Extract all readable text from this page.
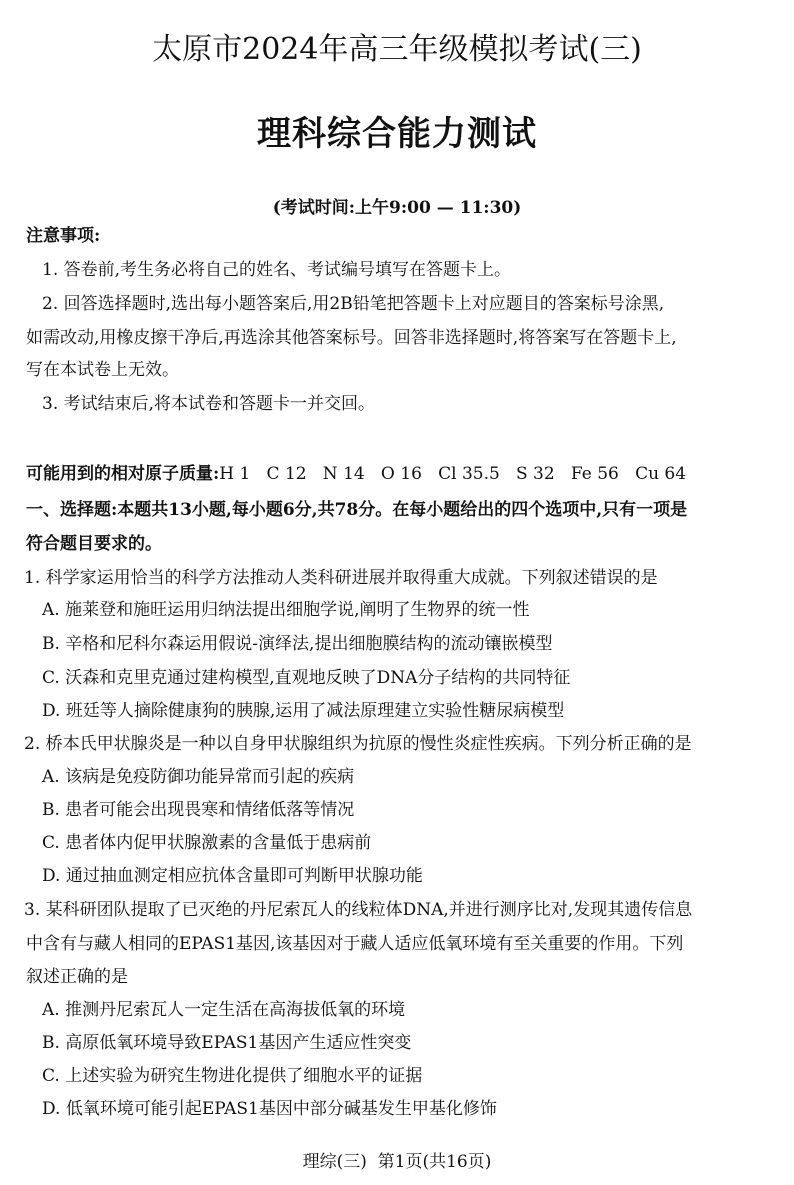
太原市2024年高三年级模拟考试(三)
理科综合能力测试
(考试时间:上午9:00 — 11:30)
注意事项:
1. 答卷前,考生务必将自己的姓名、考试编号填写在答题卡上。
2. 回答选择题时,选出每小题答案后,用2B铅笔把答题卡上对应题目的答案标号涂黑,
如需改动,用橡皮擦干净后,再选涂其他答案标号。回答非选择题时,将答案写在答题卡上,
写在本试卷上无效。
3. 考试结束后,将本试卷和答题卡一并交回。
可能用到的相对原子质量:H 1   C 12   N 14   O 16   Cl 35.5   S 32   Fe 56   Cu 64
一、选择题:本题共13小题,每小题6分,共78分。在每小题给出的四个选项中,只有一项是
符合题目要求的。
1. 科学家运用恰当的科学方法推动人类科研进展并取得重大成就。下列叙述错误的是
A. 施莱登和施旺运用归纳法提出细胞学说,阐明了生物界的统一性
B. 辛格和尼科尔森运用假说-演绎法,提出细胞膜结构的流动镶嵌模型
C. 沃森和克里克通过建构模型,直观地反映了DNA分子结构的共同特征
D. 班廷等人摘除健康狗的胰腺,运用了减法原理建立实验性糖尿病模型
2. 桥本氏甲状腺炎是一种以自身甲状腺组织为抗原的慢性炎症性疾病。下列分析正确的是
A. 该病是免疫防御功能异常而引起的疾病
B. 患者可能会出现畏寒和情绪低落等情况
C. 患者体内促甲状腺激素的含量低于患病前
D. 通过抽血测定相应抗体含量即可判断甲状腺功能
3. 某科研团队提取了已灭绝的丹尼索瓦人的线粒体DNA,并进行测序比对,发现其遗传信息
中含有与藏人相同的EPAS1基因,该基因对于藏人适应低氧环境有至关重要的作用。下列
叙述正确的是
A. 推测丹尼索瓦人一定生活在高海拔低氧的环境
B. 高原低氧环境导致EPAS1基因产生适应性突变
C. 上述实验为研究生物进化提供了细胞水平的证据
D. 低氧环境可能引起EPAS1基因中部分碱基发生甲基化修饰
理综(三)  第1页(共16页)
